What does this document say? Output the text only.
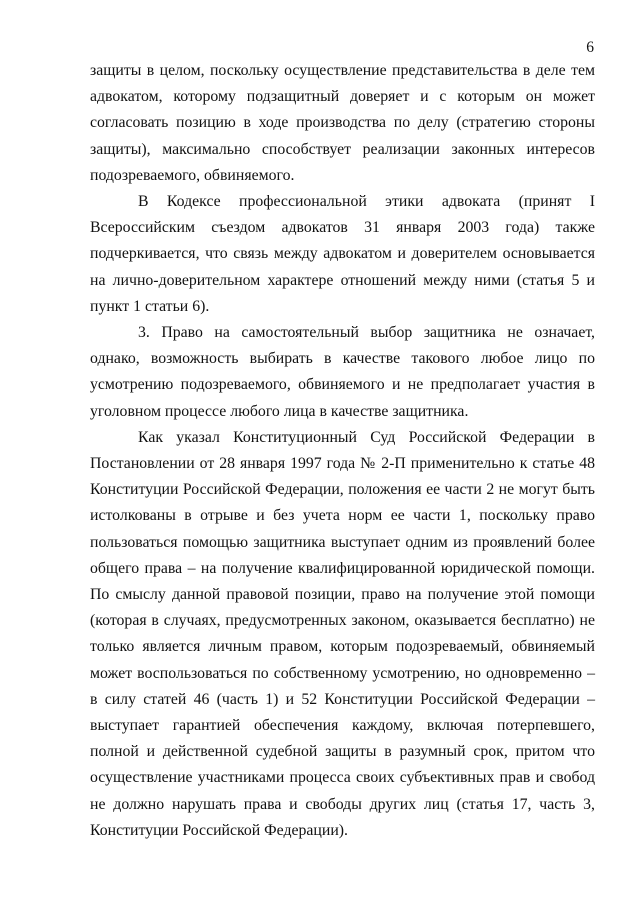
6

защиты в целом, поскольку осуществление представительства в деле тем адвокатом, которому подзащитный доверяет и с которым он может согласовать позицию в ходе производства по делу (стратегию стороны защиты), максимально способствует реализации законных интересов подозреваемого, обвиняемого.

В Кодексе профессиональной этики адвоката (принят I Всероссийским съездом адвокатов 31 января 2003 года) также подчеркивается, что связь между адвокатом и доверителем основывается на лично-доверительном характере отношений между ними (статья 5 и пункт 1 статьи 6).

3. Право на самостоятельный выбор защитника не означает, однако, возможность выбирать в качестве такового любое лицо по усмотрению подозреваемого, обвиняемого и не предполагает участия в уголовном процессе любого лица в качестве защитника.

Как указал Конституционный Суд Российской Федерации в Постановлении от 28 января 1997 года № 2-П применительно к статье 48 Конституции Российской Федерации, положения ее части 2 не могут быть истолкованы в отрыве и без учета норм ее части 1, поскольку право пользоваться помощью защитника выступает одним из проявлений более общего права – на получение квалифицированной юридической помощи. По смыслу данной правовой позиции, право на получение этой помощи (которая в случаях, предусмотренных законом, оказывается бесплатно) не только является личным правом, которым подозреваемый, обвиняемый может воспользоваться по собственному усмотрению, но одновременно – в силу статей 46 (часть 1) и 52 Конституции Российской Федерации – выступает гарантией обеспечения каждому, включая потерпевшего, полной и действенной судебной защиты в разумный срок, притом что осуществление участниками процесса своих субъективных прав и свобод не должно нарушать права и свободы других лиц (статья 17, часть 3, Конституции Российской Федерации).
